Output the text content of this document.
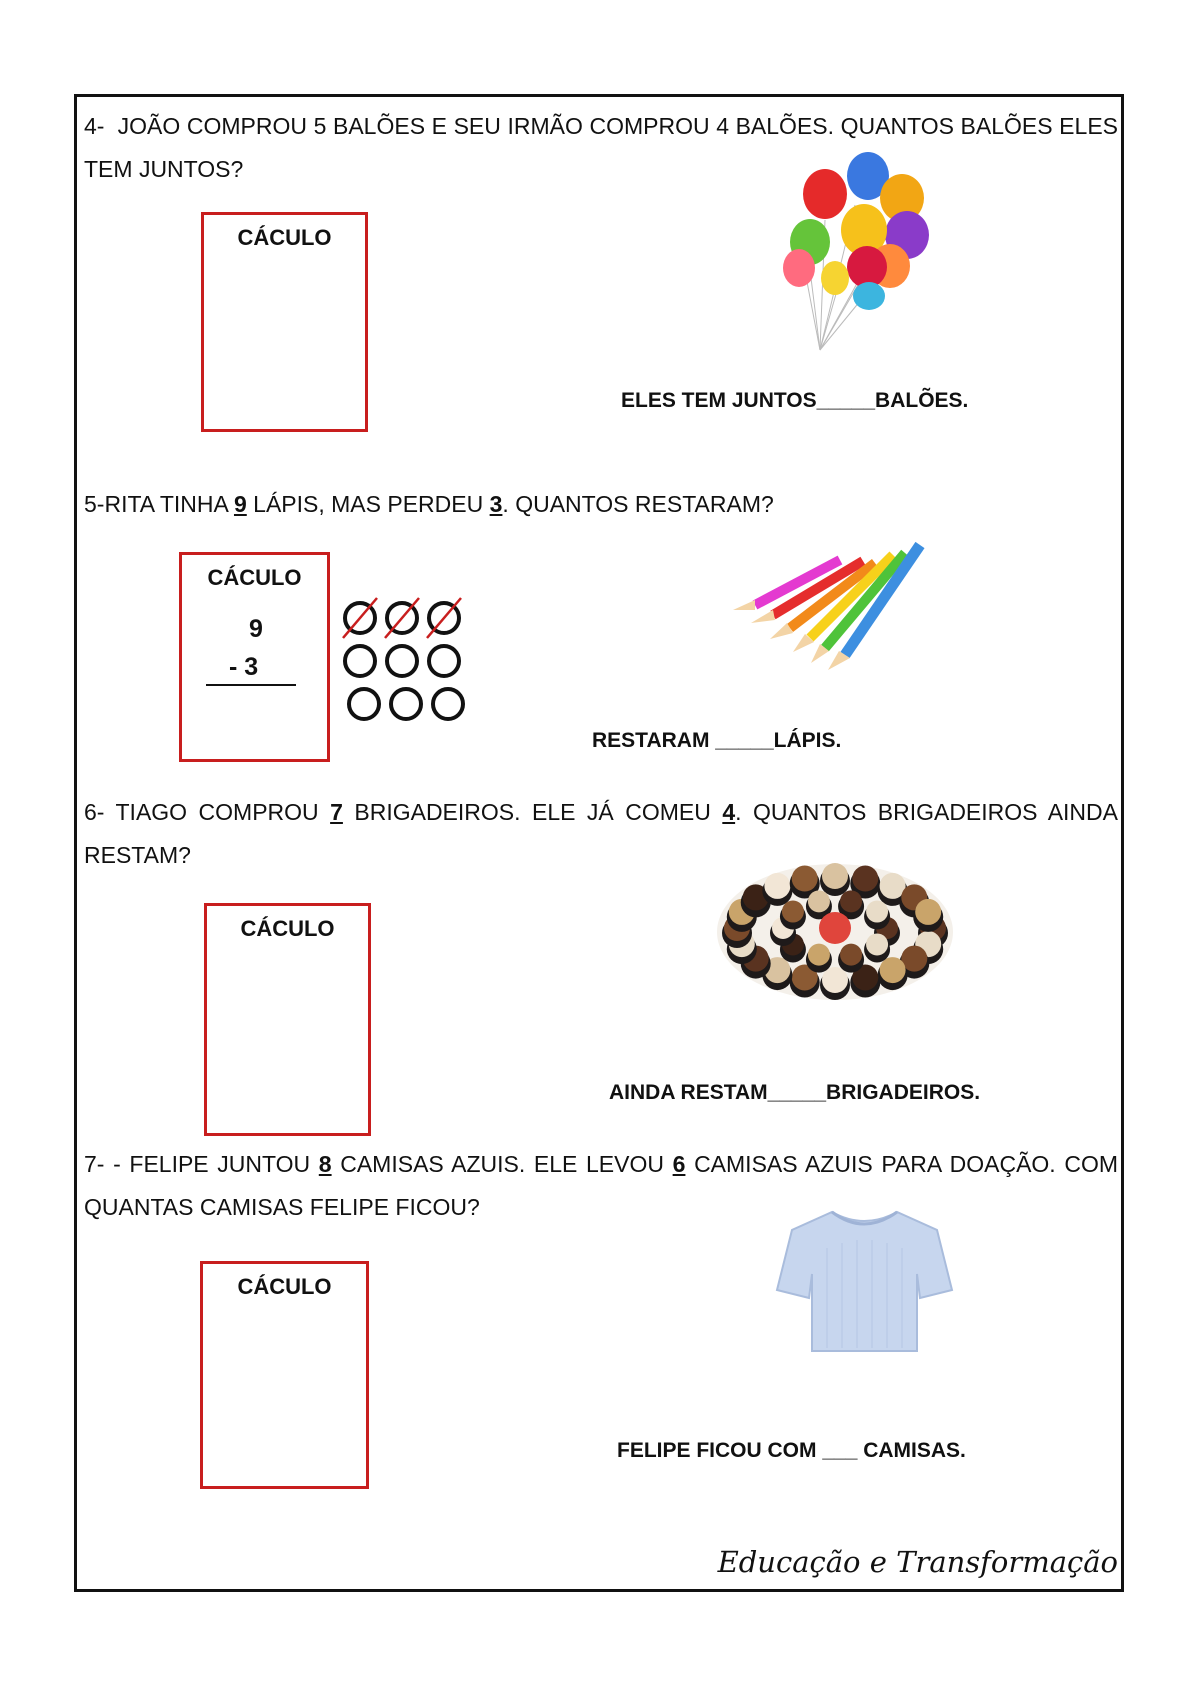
4- JOÃO COMPROU 5 BALÕES E SEU IRMÃO COMPROU 4 BALÕES. QUANTOS BALÕES ELES TEM JUNTOS?

CÁCULO
ELES TEM JUNTOS_____BALÕES.

5-RITA TINHA 9 LÁPIS, MAS PERDEU 3. QUANTOS RESTARAM?

CÁCULO
9
- 3
RESTARAM _____LÁPIS.

6- TIAGO COMPROU 7 BRIGADEIROS. ELE JÁ COMEU 4. QUANTOS BRIGADEIROS AINDA RESTAM?

CÁCULO
AINDA RESTAM_____BRIGADEIROS.

7- - FELIPE JUNTOU 8 CAMISAS AZUIS. ELE LEVOU 6 CAMISAS AZUIS PARA DOAÇÃO. COM QUANTAS CAMISAS FELIPE FICOU?

CÁCULO
FELIPE FICOU COM ___ CAMISAS.
Educação e Transformação
